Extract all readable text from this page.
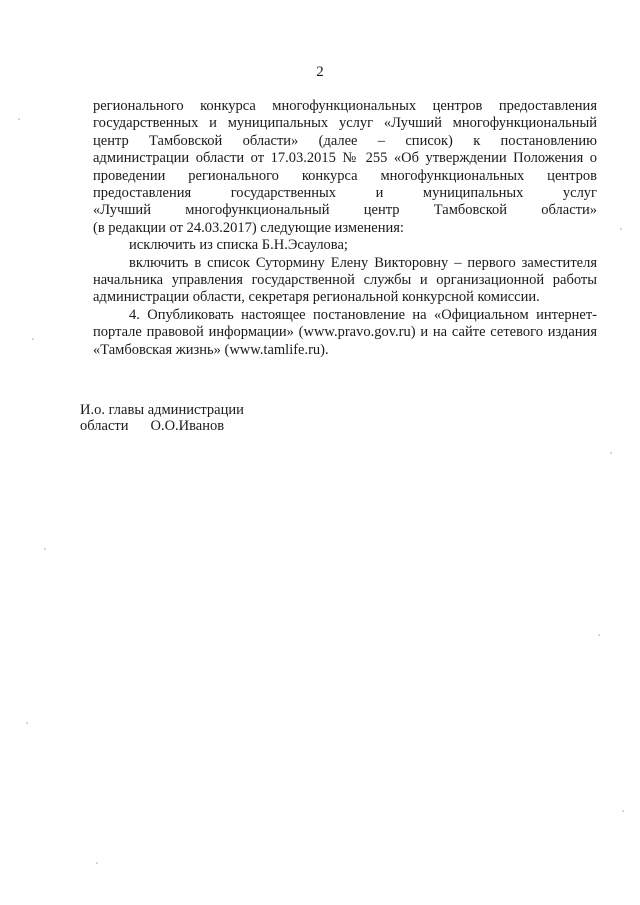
2

регионального конкурса многофункциональных центров предоставления

государственных и муниципальных услуг «Лучший многофункциональный

центр Тамбовской области» (далее – список) к постановлению

администрации области от 17.03.2015 № 255 «Об утверждении Положения о

проведении регионального конкурса многофункциональных центров

предоставления государственных и муниципальных услуг

«Лучший многофункциональный центр Тамбовской области»

(в редакции от 24.03.2017) следующие изменения:

исключить из списка Б.Н.Эсаулова;

включить в список Сутормину Елену Викторовну – первого заместителя начальника управления государственной службы и организационной работы администрации области, секретаря региональной конкурсной комиссии.

4. Опубликовать настоящее постановление на «Официальном интернет-портале правовой информации» (www.pravo.gov.ru) и на сайте сетевого издания «Тамбовская жизнь» (www.tamlife.ru).

И.о. главы администрации

области О.О.Иванов
